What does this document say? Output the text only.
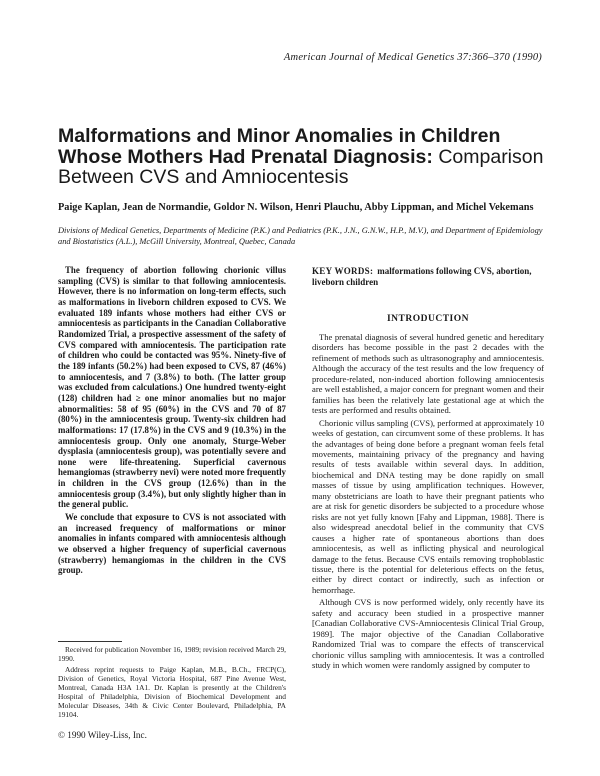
American Journal of Medical Genetics 37:366–370 (1990)
Malformations and Minor Anomalies in Children Whose Mothers Had Prenatal Diagnosis: Comparison Between CVS and Amniocentesis

Paige Kaplan, Jean de Normandie, Goldor N. Wilson, Henri Plauchu, Abby Lippman, and Michel Vekemans

Divisions of Medical Genetics, Departments of Medicine (P.K.) and Pediatrics (P.K., J.N., G.N.W., H.P., M.V.), and Department of Epidemiology and Biostatistics (A.L.), McGill University, Montreal, Quebec, Canada

The frequency of abortion following chorionic villus sampling (CVS) is similar to that following amniocentesis. However, there is no information on long-term effects, such as malformations in liveborn children exposed to CVS. We evaluated 189 infants whose mothers had either CVS or amniocentesis as participants in the Canadian Collaborative Randomized Trial, a prospective assessment of the safety of CVS compared with amniocentesis. The participation rate of children who could be contacted was 95%. Ninety-five of the 189 infants (50.2%) had been exposed to CVS, 87 (46%) to amniocentesis, and 7 (3.8%) to both. (The latter group was excluded from calculations.) One hundred twenty-eight (128) children had ≥ one minor anomalies but no major abnormalities: 58 of 95 (60%) in the CVS and 70 of 87 (80%) in the amniocentesis group. Twenty-six children had malformations: 17 (17.8%) in the CVS and 9 (10.3%) in the amniocentesis group. Only one anomaly, Sturge-Weber dysplasia (amniocentesis group), was potentially severe and none were life-threatening. Superficial cavernous hemangiomas (strawberry nevi) were noted more frequently in children in the CVS group (12.6%) than in the amniocentesis group (3.4%), but only slightly higher than in the general public.

We conclude that exposure to CVS is not associated with an increased frequency of malformations or minor anomalies in infants compared with amniocentesis although we observed a higher frequency of superficial cavernous (strawberry) hemangiomas in the children in the CVS group.

Received for publication November 16, 1989; revision received March 29, 1990.

Address reprint requests to Paige Kaplan, M.B., B.Ch., FRCP(C), Division of Genetics, Royal Victoria Hospital, 687 Pine Avenue West, Montreal, Canada H3A 1A1. Dr. Kaplan is presently at the Children's Hospital of Philadelphia, Division of Biochemical Development and Molecular Diseases, 34th & Civic Center Boulevard, Philadelphia, PA 19104.

© 1990 Wiley-Liss, Inc.

KEY WORDS: malformations following CVS, abortion, liveborn children

INTRODUCTION

The prenatal diagnosis of several hundred genetic and hereditary disorders has become possible in the past 2 decades with the refinement of methods such as ultrasonography and amniocentesis. Although the accuracy of the test results and the low frequency of procedure-related, non-induced abortion following amniocentesis are well established, a major concern for pregnant women and their families has been the relatively late gestational age at which the tests are performed and results obtained.

Chorionic villus sampling (CVS), performed at approximately 10 weeks of gestation, can circumvent some of these problems. It has the advantages of being done before a pregnant woman feels fetal movements, maintaining privacy of the pregnancy and having results of tests available within several days. In addition, biochemical and DNA testing may be done rapidly on small masses of tissue by using amplification techniques. However, many obstetricians are loath to have their pregnant patients who are at risk for genetic disorders be subjected to a procedure whose risks are not yet fully known [Fahy and Lippman, 1988]. There is also widespread anecdotal belief in the community that CVS causes a higher rate of spontaneous abortions than does amniocentesis, as well as inflicting physical and neurological damage to the fetus. Because CVS entails removing trophoblastic tissue, there is the potential for deleterious effects on the fetus, either by direct contact or indirectly, such as infection or hemorrhage.

Although CVS is now performed widely, only recently have its safety and accuracy been studied in a prospective manner [Canadian Collaborative CVS-Amniocentesis Clinical Trial Group, 1989]. The major objective of the Canadian Collaborative Randomized Trial was to compare the effects of transcervical chorionic villus sampling with amniocentesis. It was a controlled study in which women were randomly assigned by computer to
